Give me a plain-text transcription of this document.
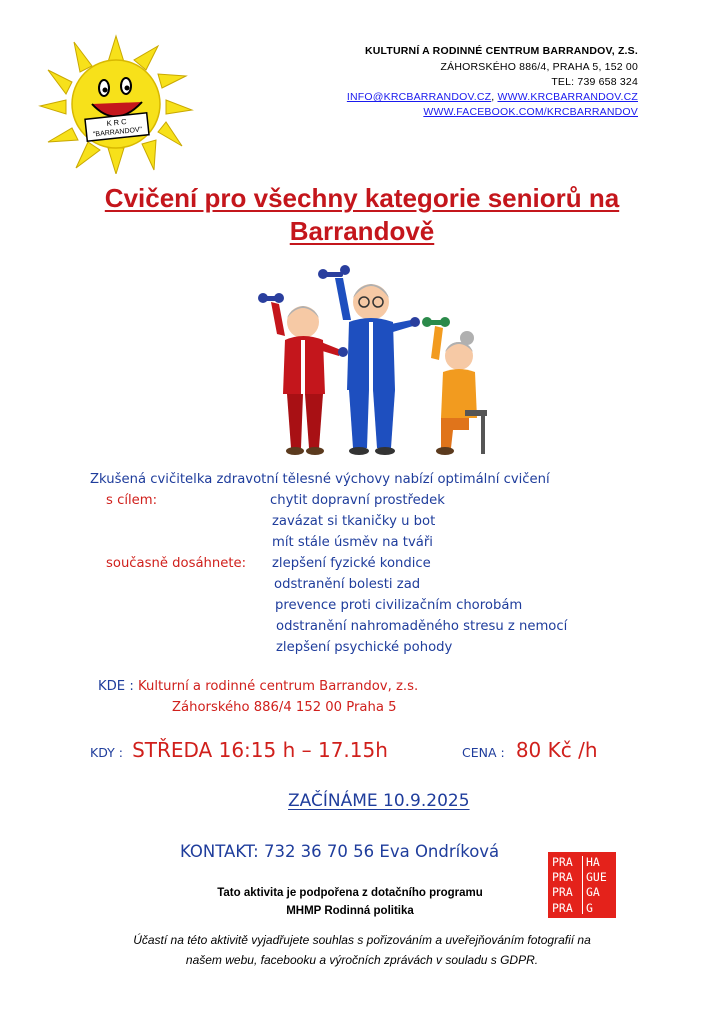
K R C
"BARRANDOV"
KULTURNÍ A RODINNÉ CENTRUM BARRANDOV, Z.S.
ZÁHORSKÉHO 886/4, PRAHA 5, 152 00
TEL: 739 658 324
INFO@KRCBARRANDOV.CZ, WWW.KRCBARRANDOV.CZ
WWW.FACEBOOK.COM/KRCBARRANDOV
Cvičení pro všechny kategorie seniorů na
Barrandově
Zkušená cvičitelka zdravotní tělesné výchovy nabízí optimální cvičení
s cílem:	chytit dopravní prostředek
zavázat si tkaničky u bot
mít stále úsměv na tváři
současně dosáhnete: zlepšení fyzické kondice
odstranění bolesti zad
prevence proti civilizačním chorobám
odstranění nahromaděného stresu z nemocí
zlepšení psychické pohody
KDE : Kulturní a rodinné centrum Barrandov, z.s.
Záhorského 886/4 152 00 Praha 5
KDY : STŘEDA 16:15 h – 17.15h	CENA : 80 Kč /h
ZAČÍNÁME 10.9.2025
KONTAKT: 732 36 70 56 Eva Ondríková
PRA
PRA
PRA
PRA
HA
GUE
GA
G
Tato aktivita je podpořena z dotačního programu
MHMP Rodinná politika
Účastí na této aktivitě vyjadřujete souhlas s pořizováním a uveřejňováním fotografií na
našem webu, facebooku a výročních zprávách v souladu s GDPR.
